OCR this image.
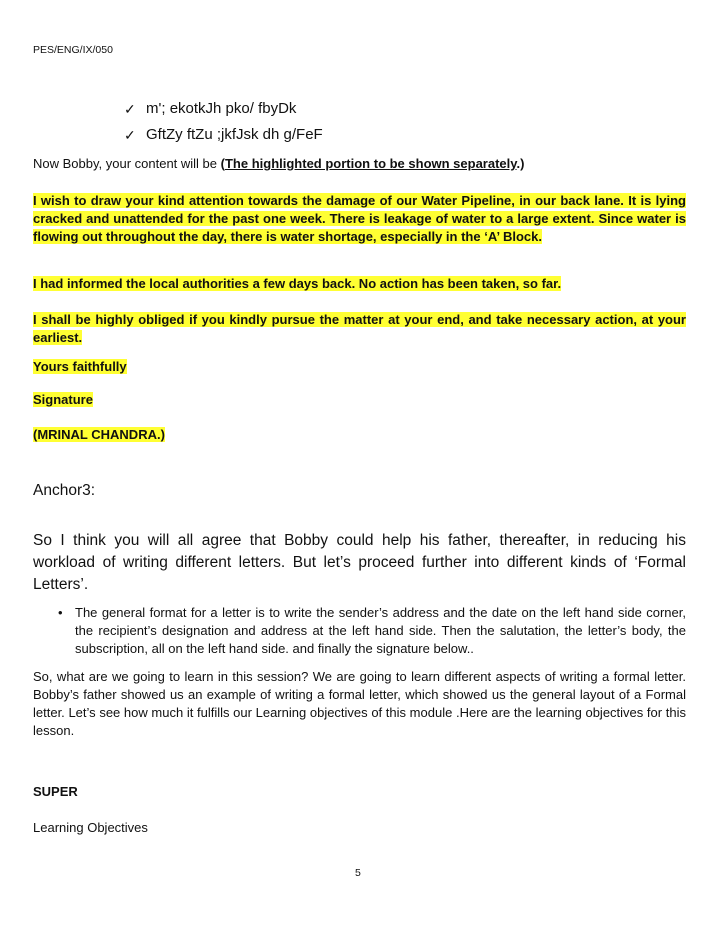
PES/ENG/IX/050
✓ m'; ekotkJh pko/ fbyDk
✓ GftZy ftZu ;jkfJsk dh g/FeF
Now Bobby, your content will be (The highlighted portion to be shown separately.)
I wish to draw your kind attention towards the damage of our Water Pipeline, in our back lane. It is lying cracked and unattended for the past one week. There is leakage of water to a large extent. Since water is flowing out throughout the day, there is water shortage, especially in the ‘A’ Block.
I had informed the local authorities a few days back. No action has been taken, so far.
I shall be highly obliged if you kindly pursue the matter at your end, and take necessary action, at your earliest.
Yours faithfully
Signature
(MRINAL CHANDRA.)
Anchor3:
So I think you will all agree that Bobby could help his father, thereafter, in reducing his workload of writing different letters. But let’s proceed further into different kinds of ‘Formal Letters’.
• The general format for a letter is to write the sender’s address and the date on the left hand side corner, the recipient’s designation and address at the left hand side. Then the salutation, the letter’s body, the subscription, all on the left hand side. and finally the signature below..
So, what are we going to learn in this session? We are going to learn different aspects of writing a formal letter. Bobby’s father showed us an example of writing a formal letter, which showed us the general layout of a Formal letter. Let’s see how much it fulfills our Learning objectives of this module .Here are the learning objectives for this lesson.
SUPER
Learning Objectives
5
